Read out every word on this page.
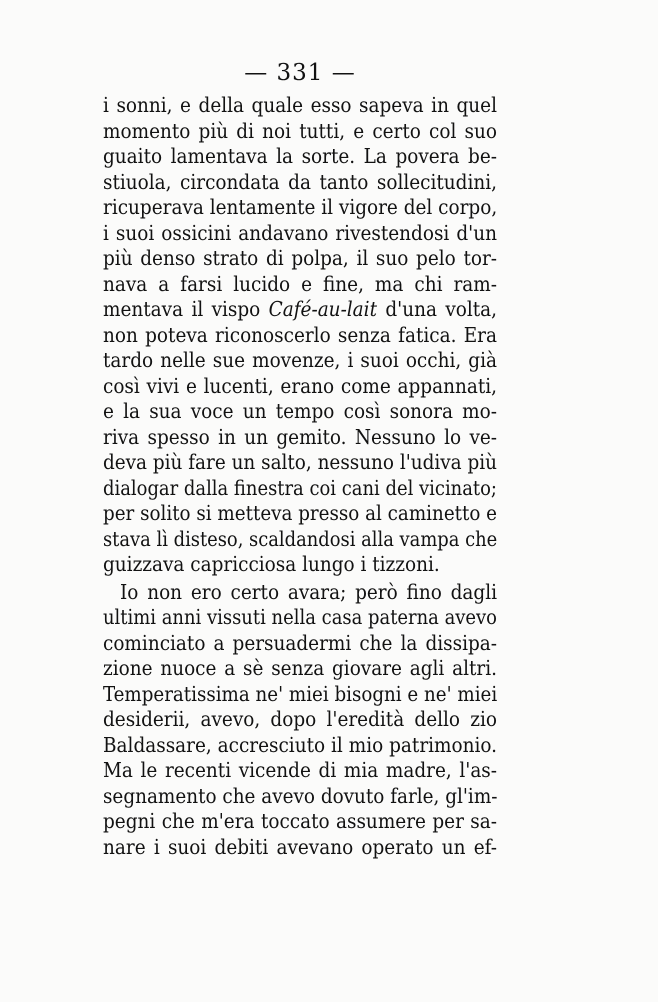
— 331 —
i sonni, e della quale esso sapeva in quel
momento più di noi tutti, e certo col suo
guaito lamentava la sorte. La povera be-
stiuola, circondata da tanto sollecitudini,
ricuperava lentamente il vigore del corpo,
i suoi ossicini andavano rivestendosi d'un
più denso strato di polpa, il suo pelo tor-
nava a farsi lucido e fine, ma chi ram-
mentava il vispo Café-au-lait d'una volta,
non poteva riconoscerlo senza fatica. Era
tardo nelle sue movenze, i suoi occhi, già
così vivi e lucenti, erano come appannati,
e la sua voce un tempo così sonora mo-
riva spesso in un gemito. Nessuno lo ve-
deva più fare un salto, nessuno l'udiva più
dialogar dalla finestra coi cani del vicinato;
per solito si metteva presso al caminetto e
stava lì disteso, scaldandosi alla vampa che
guizzava capricciosa lungo i tizzoni.
Io non ero certo avara; però fino dagli
ultimi anni vissuti nella casa paterna avevo
cominciato a persuadermi che la dissipa-
zione nuoce a sè senza giovare agli altri.
Temperatissima ne' miei bisogni e ne' miei
desiderii, avevo, dopo l'eredità dello zio
Baldassare, accresciuto il mio patrimonio.
Ma le recenti vicende di mia madre, l'as-
segnamento che avevo dovuto farle, gl'im-
pegni che m'era toccato assumere per sa-
nare i suoi debiti avevano operato un ef-
